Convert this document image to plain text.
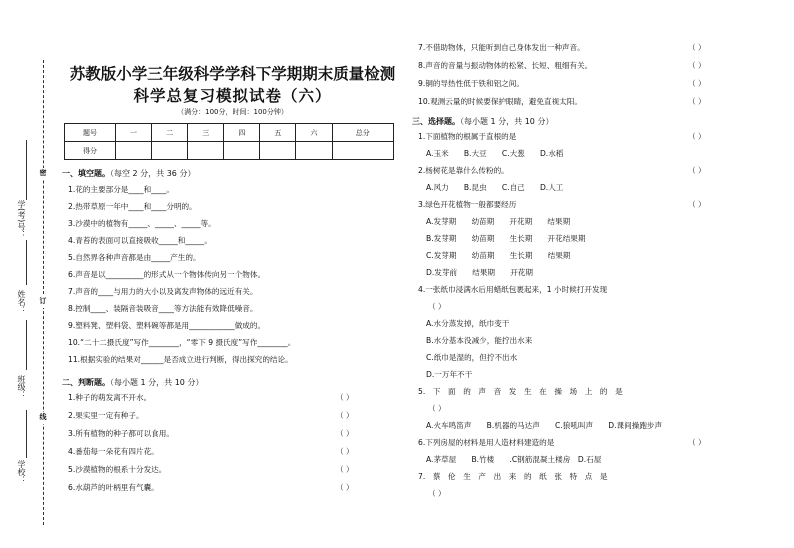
密
订
线
学(考)号：
姓名：
班级：
学校：
苏教版小学三年级科学学科下学期期末质量检测
科学总复习模拟试卷（六）
（满分：100分，时间：100分钟）
题号	一	二	三	四	五	六	总分
得分							
一、填空题。（每空 2 分，共 36 分）
1.花的主要部分是____和____。
2.热带草原一年中____和____分明的。
3.沙漠中的植物有_____、_____、_____等。
4.青苔的表面可以直接吸收_____和_____。
5.自然界各种声音都是由_____产生的。
6.声音是以__________的形式从一个物体传向另一个物体。
7.声音的____与用力的大小以及离发声物体的远近有关。
8.控制____、装隔音装吸音____等方法能有效降低噪音。
9.塑料凳、塑料袋、塑料碗等都是用____________做成的。
10.“二十二摄氏度”写作________，“零下 9 摄氏度”写作________。
11.根据实验的结果对______是否成立进行判断，得出探究的结论。
二、判断题。（每小题 1 分，共 10 分）
1.种子的萌发离不开水。	（ ）
2.果实里一定有种子。	（ ）
3.所有植物的种子都可以食用。	（ ）
4.番茄每一朵花有四片花。	（ ）
5.沙漠植物的根系十分发达。	（ ）
6.水葫芦的叶柄里有气囊。	（ ）
7.不借助物体，只能听到自己身体发出一种声音。	（ ）
8.声音的音量与振动物体的松紧、长短、粗细有关。	（ ）
9.铜的导热性低于铁和铝之间。	（ ）
10.观测云量的时候要保护眼睛，避免直视太阳。	（ ）
三、选择题。（每小题 1 分，共 10 分）
1.下面植物的根属于直根的是	（ ）
A.玉米　　B.大豆　　C.大葱　　D.水稻
2.杨树花是靠什么传粉的。	（ ）
A.风力　　B.昆虫　　C.自己　　D.人工
3.绿色开花植物一般都要经历	（ ）
A.发芽期　　幼苗期　　开花期　　结果期
B.发芽期　　幼苗期　　生长期　　开花结果期
C.发芽期　　幼苗期　　生长期　　结果期
D.发芽前　　结果期　　开花期
4.一张纸巾浸满水后用蜡纸包裹起来，1 小时候打开发现
（ ）
A.水分蒸发掉，纸巾变干
B.水分基本没减少，能拧出水来
C.纸巾是湿的，但拧不出水
D.一万年不干
5.　下　面　的　声　音　发　生　在　操　场　上　的　是
（ ）
A.火车鸣笛声　　B.机器的马达声　　C.狼吼叫声　　D.课间操跑步声
6.下列房屋的材料是用人造材料建造的是	（ ）
A.茅草屋　　B.竹楼　　.C钢筋混凝土楼房　D.石屋
7.　蔡　伦　生　产　出　来　的　纸　张　特　点　是
（ ）
